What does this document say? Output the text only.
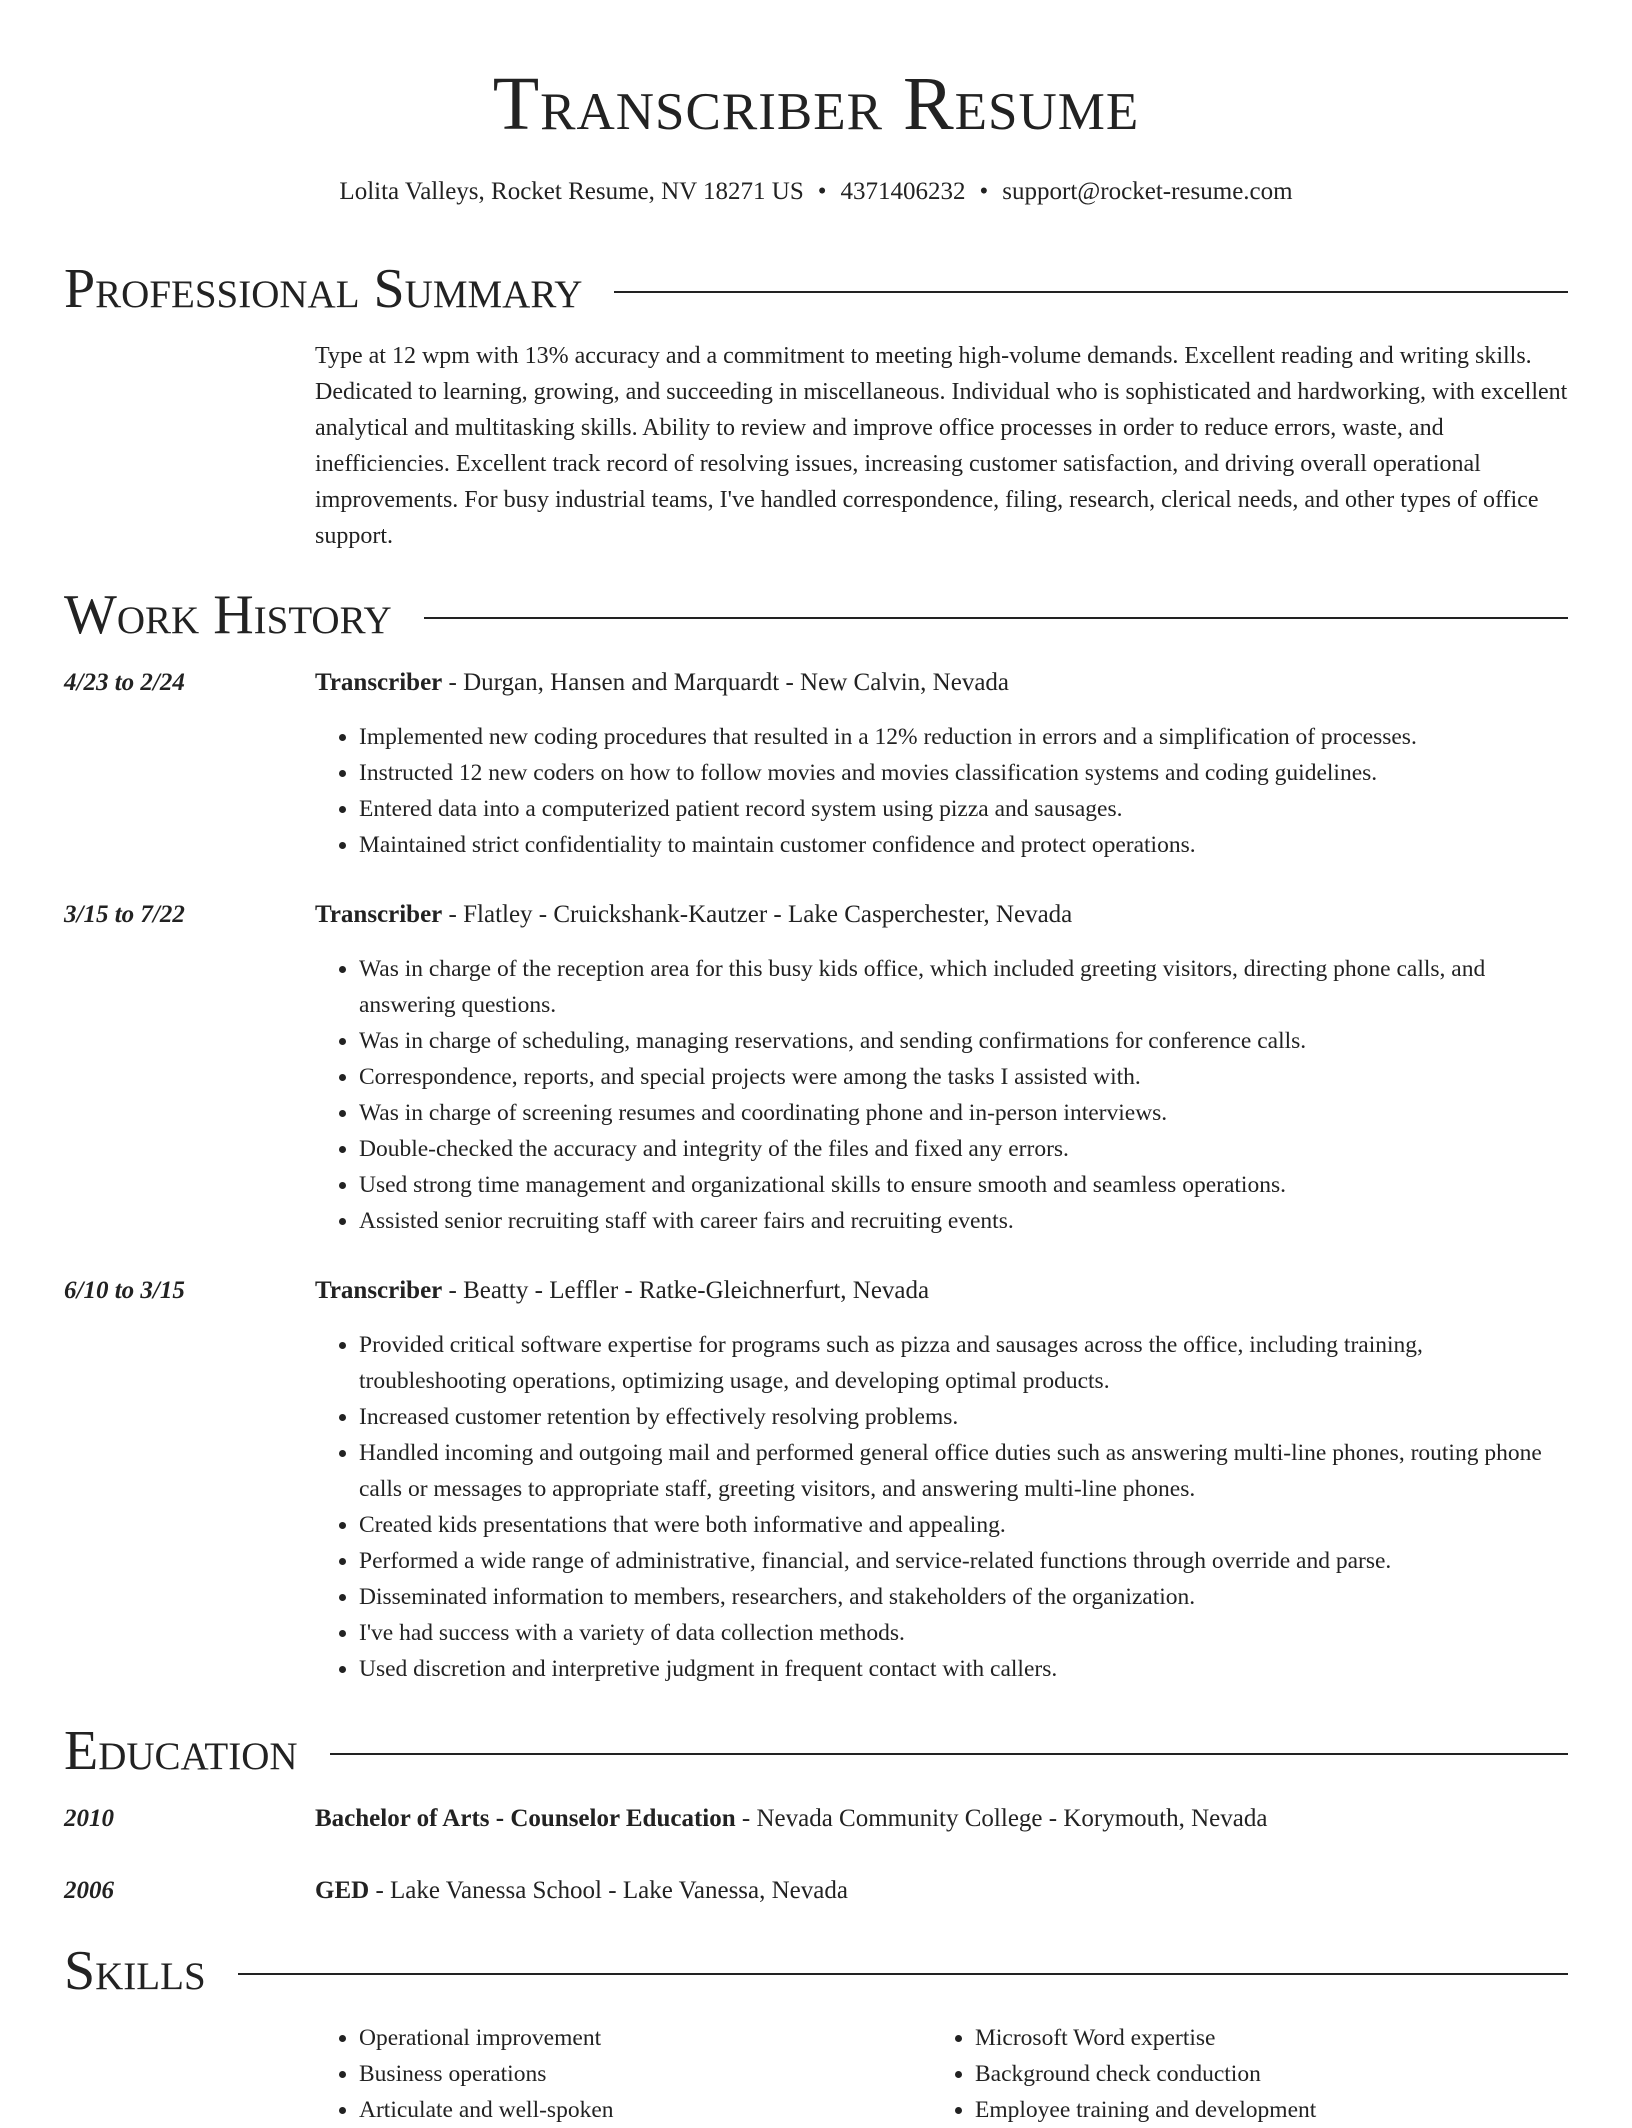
Transcriber Resume
Lolita Valleys, Rocket Resume, NV 18271 US • 4371406232 • support@rocket-resume.com
Professional Summary

Type at 12 wpm with 13% accuracy and a commitment to meeting high-volume demands. Excellent reading and writing skills. Dedicated to learning, growing, and succeeding in miscellaneous. Individual who is sophisticated and hardworking, with excellent analytical and multitasking skills. Ability to review and improve office processes in order to reduce errors, waste, and inefficiencies. Excellent track record of resolving issues, increasing customer satisfaction, and driving overall operational improvements. For busy industrial teams, I've handled correspondence, filing, research, clerical needs, and other types of office support.

Work History
4/23 to 2/24	Transcriber - Durgan, Hansen and Marquardt - New Calvin, Nevada

• Implemented new coding procedures that resulted in a 12% reduction in errors and a simplification of processes.
• Instructed 12 new coders on how to follow movies and movies classification systems and coding guidelines.
• Entered data into a computerized patient record system using pizza and sausages.
• Maintained strict confidentiality to maintain customer confidence and protect operations.
3/15 to 7/22	Transcriber - Flatley - Cruickshank-Kautzer - Lake Casperchester, Nevada

• Was in charge of the reception area for this busy kids office, which included greeting visitors, directing phone calls, and answering questions.
• Was in charge of scheduling, managing reservations, and sending confirmations for conference calls.
• Correspondence, reports, and special projects were among the tasks I assisted with.
• Was in charge of screening resumes and coordinating phone and in-person interviews.
• Double-checked the accuracy and integrity of the files and fixed any errors.
• Used strong time management and organizational skills to ensure smooth and seamless operations.
• Assisted senior recruiting staff with career fairs and recruiting events.
6/10 to 3/15	Transcriber - Beatty - Leffler - Ratke-Gleichnerfurt, Nevada

• Provided critical software expertise for programs such as pizza and sausages across the office, including training, troubleshooting operations, optimizing usage, and developing optimal products.
• Increased customer retention by effectively resolving problems.
• Handled incoming and outgoing mail and performed general office duties such as answering multi-line phones, routing phone calls or messages to appropriate staff, greeting visitors, and answering multi-line phones.
• Created kids presentations that were both informative and appealing.
• Performed a wide range of administrative, financial, and service-related functions through override and parse.
• Disseminated information to members, researchers, and stakeholders of the organization.
• I've had success with a variety of data collection methods.
• Used discretion and interpretive judgment in frequent contact with callers.
Education
2010	Bachelor of Arts - Counselor Education - Nevada Community College - Korymouth, Nevada

2006	GED - Lake Vanessa School - Lake Vanessa, Nevada

Skills
• Operational improvement
• Business operations
• Articulate and well-spoken
• Microsoft Word expertise
• Background check conduction
• Employee training and development
